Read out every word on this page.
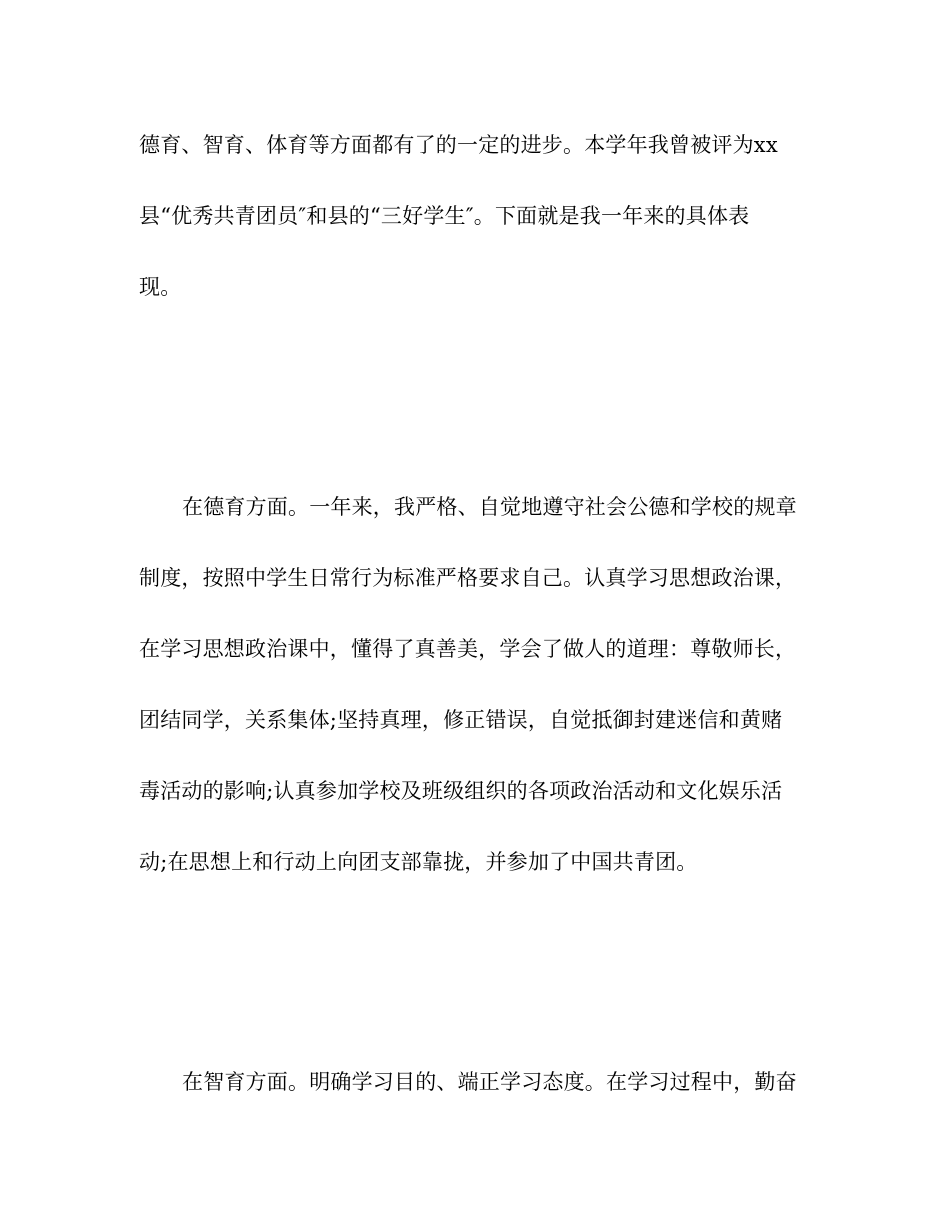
德育、智育、体育等方面都有了的一定的进步。本学年我曾被评为xx
县“优秀共青团员″和县的“三好学生″。下面就是我一年来的具体表
现。
在德育方面。一年来，我严格、自觉地遵守社会公德和学校的规章
制度，按照中学生日常行为标准严格要求自己。认真学习思想政治课，
在学习思想政治课中，懂得了真善美，学会了做人的道理：尊敬师长，
团结同学，关系集体;坚持真理，修正错误，自觉抵御封建迷信和黄赌
毒活动的影响;认真参加学校及班级组织的各项政治活动和文化娱乐活
动;在思想上和行动上向团支部靠拢，并参加了中国共青团。
在智育方面。明确学习目的、端正学习态度。在学习过程中，勤奋
